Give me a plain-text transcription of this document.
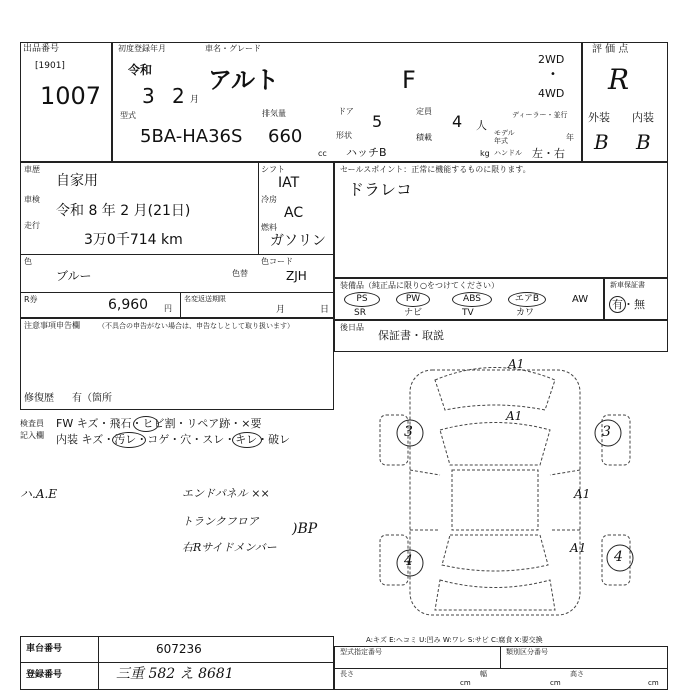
出品番号
[1901]
1007
初度登録年月	車名・グレード
令和
3 2 月
アルト	F
2WD
•
4WD
型式	排気量	ドア	定員	ディーラー・並行
5BA-HA36S 660
cc
5
形状
ハッチB
4 人
積載	モデル
年式	年
kg ハンドル 左・右
評 価 点
R
外装 内装
B B
車歴
自家用
車検
令和 8 年 2 月(21日)
走行
3万0千714 km
シフト
IAT
冷房
AC
燃料
ガソリン
色
ブルー	色替
色コード
ZJH
R券	6,960 円
名変返送期限
月	日
セールスポイント：正常に機能するものに限ります。
ドラレコ
装備品（純正品に限り○をつけてください）
PS	PW	ABS	エアB	AW
SR	ナビ	TV	カワ
新車保証書
有・無
注意事項申告欄	（不具合の申告がない場合は、申告なしとして取り扱います）	後日品
保証書・取説
修復歴 有（箇所
検査員
記入欄
FW キズ・飛石・ヒビ割・リペア跡・×要
内装 キズ・汚レ・コゲ・穴・スレ・キレ・破レ
ハ.A.E	エンドパネル ××
トランクフロア
右Rサイドメンバー
)BP
A1
A1
3	3
A1
4
A1
4
車台番号	607236
登録番号	三重 582 え 8681
A:キズ E:ヘコミ U:凹み W:ワレ S:サビ C:腐食 X:要交換
型式指定番号	類別区分番号
長さ
cm
幅
cm
高さ
cm
